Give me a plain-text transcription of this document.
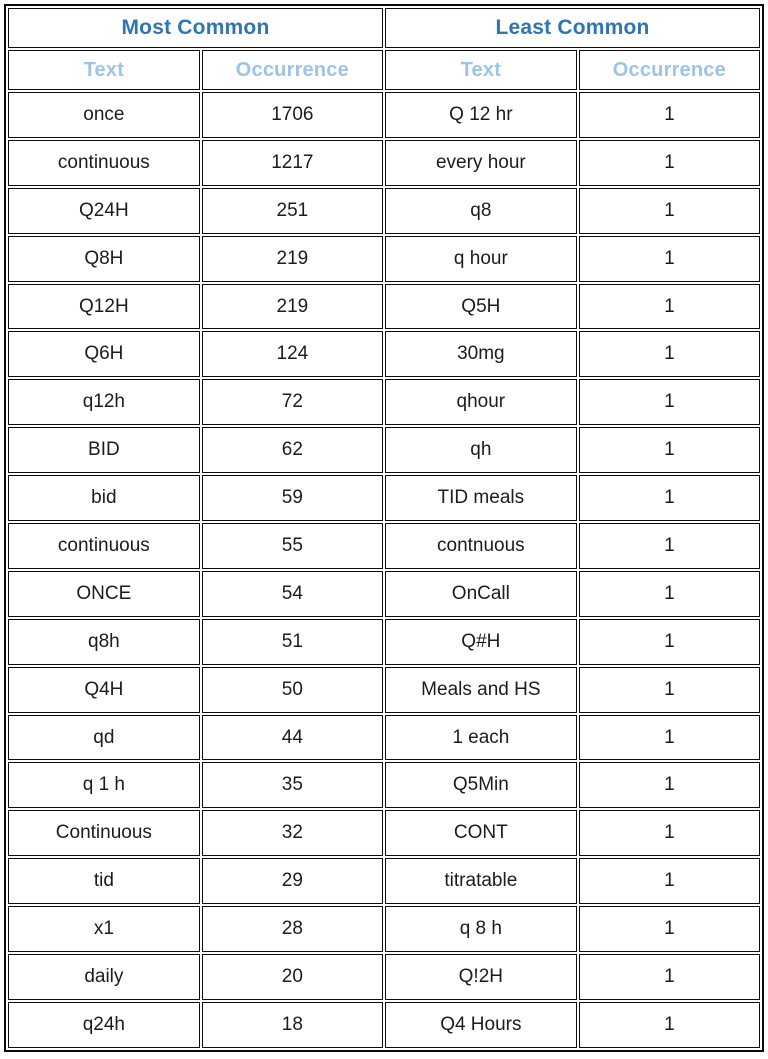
Most Common		Least Common	
Text	Occurrence	Text	Occurrence
once	1706	Q 12 hr	1
continuous	1217	every hour	1
Q24H	251	q8	1
Q8H	219	q hour	1
Q12H	219	Q5H	1
Q6H	124	30mg	1
q12h	72	qhour	1
BID	62	qh	1
bid	59	TID meals	1
continuous	55	contnuous	1
ONCE	54	OnCall	1
q8h	51	Q#H	1
Q4H	50	Meals and HS	1
qd	44	1 each	1
q 1 h	35	Q5Min	1
Continuous	32	CONT	1
tid	29	titratable	1
x1	28	q 8 h	1
daily	20	Q!2H	1
q24h	18	Q4 Hours	1
